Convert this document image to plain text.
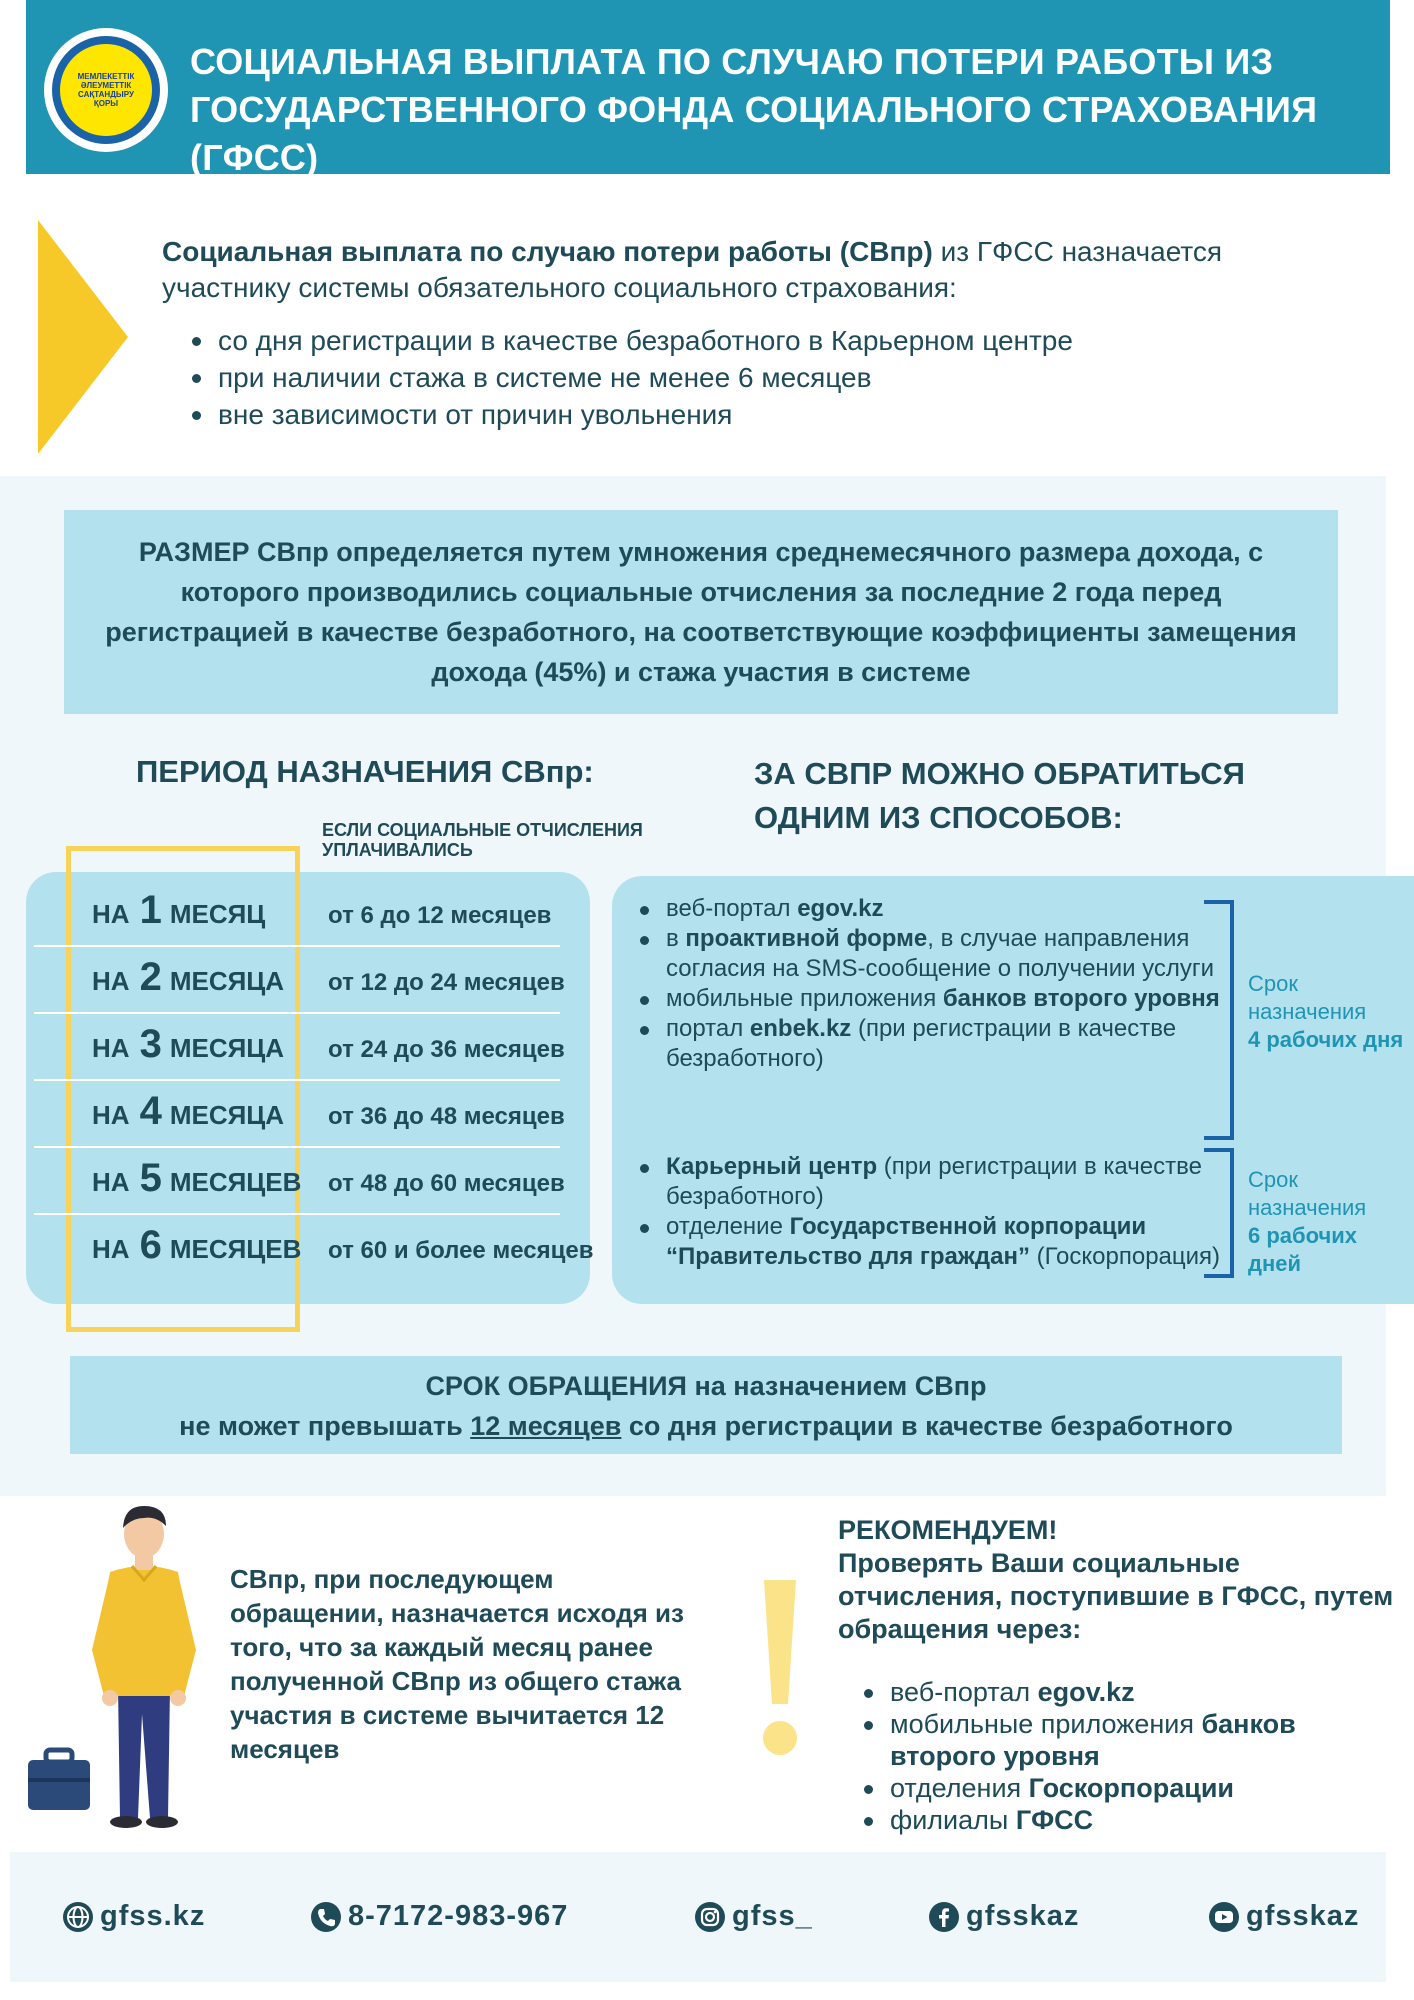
МЕМЛЕКЕТТІК ӘЛЕУМЕТТІК САҚТАНДЫРУ ҚОРЫ
СОЦИАЛЬНАЯ ВЫПЛАТА ПО СЛУЧАЮ ПОТЕРИ РАБОТЫ ИЗ ГОСУДАРСТВЕННОГО ФОНДА СОЦИАЛЬНОГО СТРАХОВАНИЯ (ГФСС)
Социальная выплата по случаю потери работы (СВпр) из ГФСС назначается участнику системы обязательного социального страхования:
со дня регистрации в качестве безработного в Карьерном центре
при наличии стажа в системе не менее 6 месяцев
вне зависимости от причин увольнения
РАЗМЕР СВпр определяется путем умножения среднемесячного размера дохода, с которого производились социальные отчисления за последние 2 года перед регистрацией в качестве безработного, на соответствующие коэффициенты замещения дохода (45%) и стажа участия в системе
ПЕРИОД НАЗНАЧЕНИЯ СВпр:
ЕСЛИ СОЦИАЛЬНЫЕ ОТЧИСЛЕНИЯ УПЛАЧИВАЛИСЬ
НА 1 МЕСЯЦ	от 6 до 12 месяцев
НА 2 МЕСЯЦА от 12 до 24 месяцев
НА 3 МЕСЯЦА от 24 до 36 месяцев
НА 4 МЕСЯЦА от 36 до 48 месяцев
НА 5 МЕСЯЦЕВ от 48 до 60 месяцев
НА 6 МЕСЯЦЕВ от 60 и более месяцев
ЗА СВПР МОЖНО ОБРАТИТЬСЯ ОДНИМ ИЗ СПОСОБОВ:
веб-портал egov.kz
в проактивной форме, в случае направления согласия на SMS-сообщение о получении услуги
мобильные приложения банков второго уровня
портал enbek.kz (при регистрации в качестве безработного)
Карьерный центр (при регистрации в качестве безработного)
отделение Государственной корпорации “Правительство для граждан” (Госкорпорация)
Срок назначения
4 рабочих дня
Срок назначения
6 рабочих дней
СРОК ОБРАЩЕНИЯ на назначением СВпр
не может превышать 12 месяцев со дня регистрации в качестве безработного
СВпр, при последующем обращении, назначается исходя из того, что за каждый месяц ранее полученной СВпр из общего стажа участия в системе вычитается 12 месяцев
РЕКОМЕНДУЕМ!
Проверять Ваши социальные отчисления, поступившие в ГФСС, путем обращения через:
веб-портал egov.kz
мобильные приложения банков второго уровня
отделения Госкорпорации
филиалы ГФСС
gfss.kz	8-7172-983-967	gfss_	gfsskaz	gfsskaz
